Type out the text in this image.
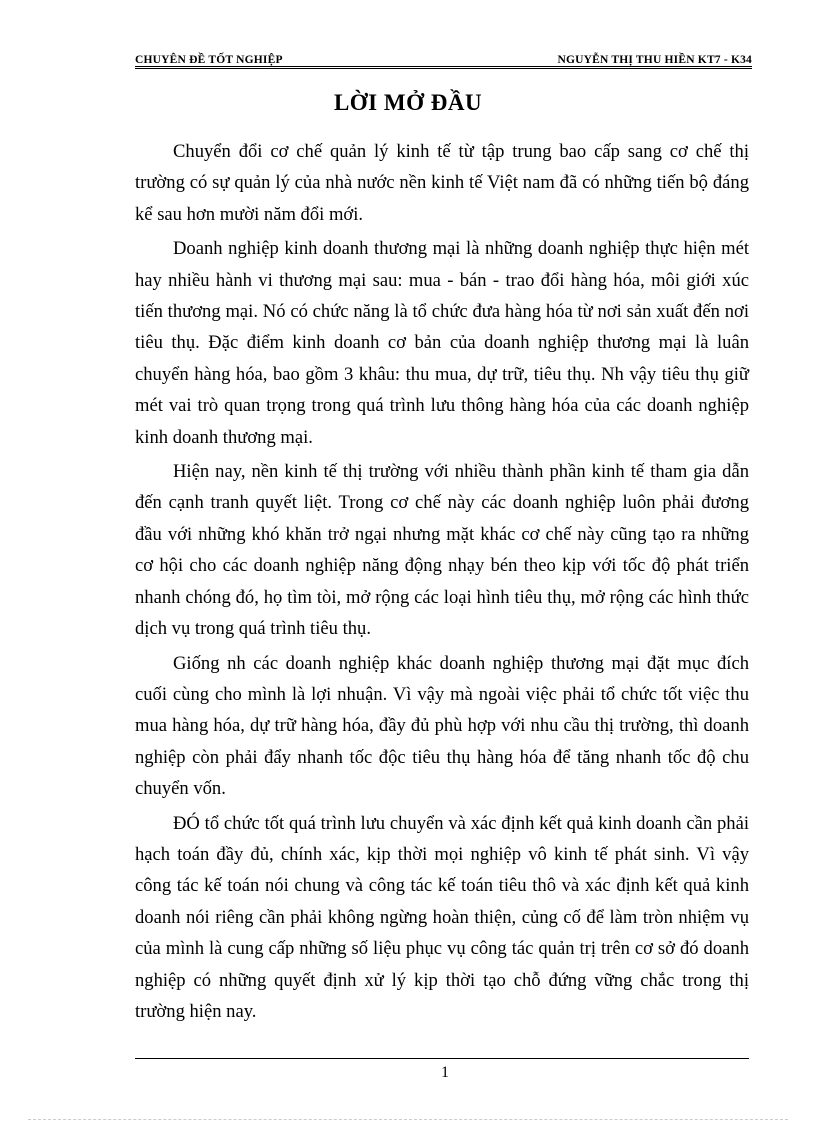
CHUYÊN ĐỀ TỐT NGHIỆP	NGUYỄN THỊ THU HIỀN KT7 - K34
LỜI MỞ ĐẦU

Chuyển đổi cơ chế quản lý kinh tế từ tập trung bao cấp sang cơ chế thị trường có sự quản lý của nhà nước nền kinh tế Việt nam đã có những tiến bộ đáng kể sau hơn mười năm đổi mới.

Doanh nghiệp kinh doanh thương mại là những doanh nghiệp thực hiện mét hay nhiều hành vi thương mại sau: mua - bán - trao đổi hàng hóa, môi giới xúc tiến thương mại. Nó có chức năng là tổ chức đưa hàng hóa từ nơi sản xuất đến nơi tiêu thụ. Đặc điểm kinh doanh cơ bản của doanh nghiệp thương mại là luân chuyển hàng hóa, bao gồm 3 khâu: thu mua, dự trữ, tiêu thụ. Nh vậy tiêu thụ giữ mét vai trò quan trọng trong quá trình lưu thông hàng hóa của các doanh nghiệp kinh doanh thương mại.

Hiện nay, nền kinh tế thị trường với nhiều thành phần kinh tế tham gia dẫn đến cạnh tranh quyết liệt. Trong cơ chế này các doanh nghiệp luôn phải đương đầu với những khó khăn trở ngại nhưng mặt khác cơ chế này cũng tạo ra những cơ hội cho các doanh nghiệp năng động nhạy bén theo kịp với tốc độ phát triển nhanh chóng đó, họ tìm tòi, mở rộng các loại hình tiêu thụ, mở rộng các hình thức dịch vụ trong quá trình tiêu thụ.

Giống nh các doanh nghiệp khác doanh nghiệp thương mại đặt mục đích cuối cùng cho mình là lợi nhuận. Vì vậy mà ngoài việc phải tổ chức tốt việc thu mua hàng hóa, dự trữ hàng hóa, đầy đủ phù hợp với nhu cầu thị trường, thì doanh nghiệp còn phải đẩy nhanh tốc độc tiêu thụ hàng hóa để tăng nhanh tốc độ chu chuyển vốn.

ĐÓ tổ chức tốt quá trình lưu chuyển và xác định kết quả kinh doanh cần phải hạch toán đầy đủ, chính xác, kịp thời mọi nghiệp vô kinh tế phát sinh. Vì vậy công tác kế toán nói chung và công tác kế toán tiêu thô và xác định kết quả kinh doanh nói riêng cần phải không ngừng hoàn thiện, củng cố để làm tròn nhiệm vụ của mình là cung cấp những số liệu phục vụ công tác quản trị trên cơ sở đó doanh nghiệp có những quyết định xử lý kịp thời tạo chỗ đứng vững chắc trong thị trường hiện nay.

1
